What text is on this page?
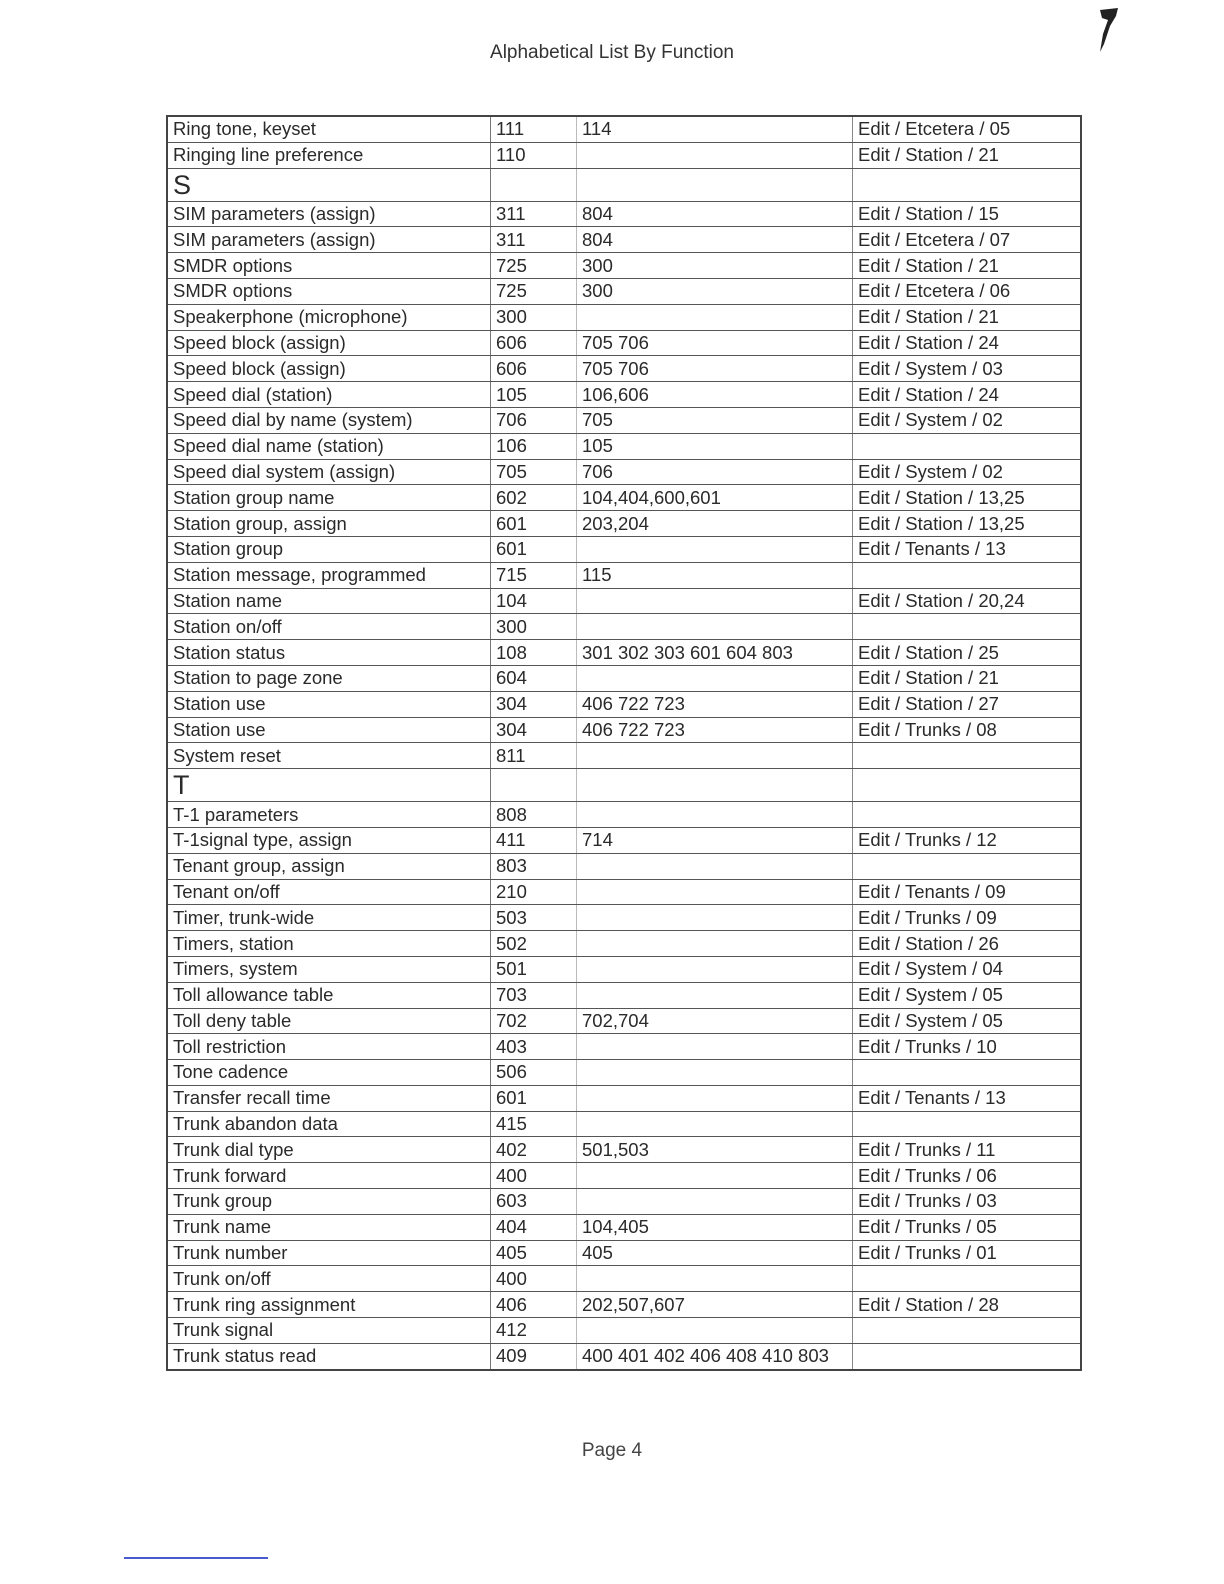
Alphabetical List By Function
Ring tone, keyset	111	114	Edit / Etcetera / 05
Ringing line preference	110		Edit / Station / 21
S			
SIM parameters (assign)	311	804	Edit / Station / 15
SIM parameters (assign)	311	804	Edit / Etcetera / 07
SMDR options	725	300	Edit / Station / 21
SMDR options	725	300	Edit / Etcetera / 06
Speakerphone (microphone)	300		Edit / Station / 21
Speed block (assign)	606	705 706	Edit / Station / 24
Speed block (assign)	606	705 706	Edit / System / 03
Speed dial (station)	105	106,606	Edit / Station / 24
Speed dial by name (system)	706	705	Edit / System / 02
Speed dial name (station)	106	105	
Speed dial system (assign)	705	706	Edit / System / 02
Station group name	602	104,404,600,601	Edit / Station / 13,25
Station group, assign	601	203,204	Edit / Station / 13,25
Station group	601		Edit / Tenants / 13
Station message, programmed	715	115	
Station name	104		Edit / Station / 20,24
Station on/off	300		
Station status	108	301 302 303 601 604 803	Edit / Station / 25
Station to page zone	604		Edit / Station / 21
Station use	304	406 722 723	Edit / Station / 27
Station use	304	406 722 723	Edit / Trunks / 08
System reset	811		
T			
T-1 parameters	808		
T-1signal type, assign	411	714	Edit / Trunks / 12
Tenant group, assign	803		
Tenant on/off	210		Edit / Tenants / 09
Timer, trunk-wide	503		Edit / Trunks / 09
Timers, station	502		Edit / Station / 26
Timers, system	501		Edit / System / 04
Toll allowance table	703		Edit / System / 05
Toll deny table	702	702,704	Edit / System / 05
Toll restriction	403		Edit / Trunks / 10
Tone cadence	506		
Transfer recall time	601		Edit / Tenants / 13
Trunk abandon data	415		
Trunk dial type	402	501,503	Edit / Trunks / 11
Trunk forward	400		Edit / Trunks / 06
Trunk group	603		Edit / Trunks / 03
Trunk name	404	104,405	Edit / Trunks / 05
Trunk number	405	405	Edit / Trunks / 01
Trunk on/off	400		
Trunk ring assignment	406	202,507,607	Edit / Station / 28
Trunk signal	412		
Trunk status read	409	400 401 402 406 408 410 803	
Page 4
